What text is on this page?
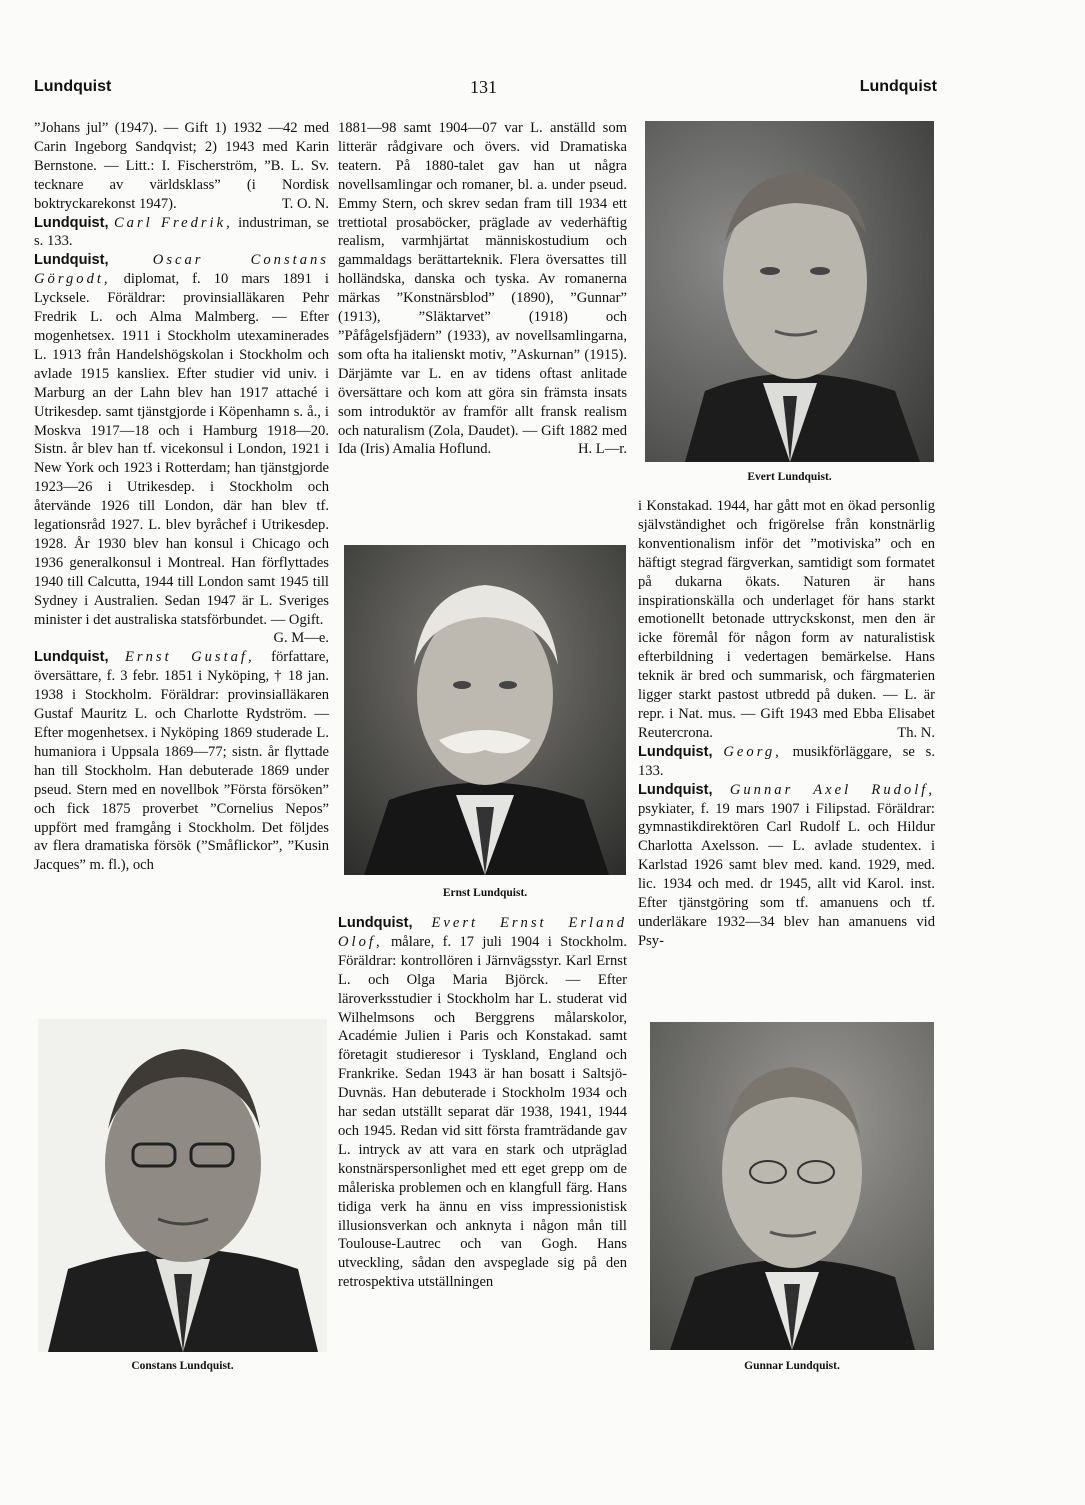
Lundquist	131	Lundquist

”Johans jul” (1947). — Gift 1) 1932 —42 med Carin Ingeborg Sandqvist; 2) 1943 med Karin Bernstone. — Litt.: I. Fischerström, ”B. L. Sv. tecknare av världsklass” (i Nordisk boktryckarekonst 1947).	T. O. N.

Lundquist, Carl Fredrik, industriman, se s. 133.

Lundquist,	Oscar Constans Görgodt, diplomat, f. 10 mars 1891 i Lycksele. Föräldrar: provinsialläkaren Pehr Fredrik L. och Alma Malmberg. — Efter mogenhetsex. 1911 i Stockholm utexaminerades L. 1913 från Handelshögskolan i Stockholm och avlade 1915 kansliex. Efter studier vid univ. i Marburg an der Lahn blev han 1917 attaché i Utrikesdep. samt tjänstgjorde i Köpenhamn s. å., i Moskva 1917—18 och i Hamburg 1918—20. Sistn. år blev han tf. vicekonsul i London, 1921 i New York och 1923 i Rotterdam; han tjänstgjorde 1923—26 i Utrikesdep. i Stockholm och återvände 1926 till London, där han blev tf. legationsråd 1927. L. blev byråchef i Utrikesdep. 1928. År 1930 blev han konsul i Chicago och 1936 generalkonsul i Montreal. Han förflyttades 1940 till Calcutta, 1944 till London samt 1945 till Sydney i Australien. Sedan 1947 är L. Sveriges minister i det australiska statsförbundet. — Ogift.
G. M—e.

Lundquist, Ernst Gustaf, författare, översättare, f. 3 febr. 1851 i Nyköping, † 18 jan. 1938 i Stockholm. Föräldrar: provinsialläkaren Gustaf Mauritz L. och Charlotte Rydström. — Efter mogenhetsex. i Nyköping 1869 studerade L. humaniora i Uppsala 1869—77; sistn. år flyttade han till Stockholm. Han debuterade 1869 under pseud. Stern med en novellbok ”Första försöken” och fick 1875 proverbet ”Cornelius Nepos” uppfört med framgång i Stockholm. Det följdes av flera dramatiska försök (”Småflickor”, ”Kusin Jacques” m. fl.), och

1881—98 samt 1904—07 var L. anställd som litterär rådgivare och övers. vid Dramatiska teatern. På 1880-talet gav han ut några novellsamlingar och romaner, bl. a. under pseud. Emmy Stern, och skrev sedan fram till 1934 ett trettiotal prosaböcker, präglade av vederhäftig realism, varmhjärtat människostudium och gammaldags berättarteknik. Flera översattes till holländska, danska och tyska. Av romanerna märkas ”Konstnärsblod” (1890), ”Gunnar” (1913), ”Släktarvet” (1918) och ”Påfågelsfjädern” (1933), av novellsamlingarna, som ofta ha italienskt motiv, ”Askurnan” (1915). Därjämte var L. en av tidens oftast anlitade översättare och kom att göra sin främsta insats som introduktör av framför allt fransk realism och naturalism (Zola, Daudet). — Gift 1882 med Ida (Iris) Amalia Hoflund.	H. L—r.

Lundquist, Evert Ernst Erland Olof, målare, f. 17 juli 1904 i Stockholm. Föräldrar: kontrollören i Järnvägsstyr. Karl Ernst L. och Olga Maria Björck. — Efter läroverksstudier i Stockholm har L. studerat vid Wilhelmsons och Berggrens målarskolor, Académie Julien i Paris och Konstakad. samt företagit studieresor i Tyskland, England och Frankrike. Sedan 1943 är han bosatt i Saltsjö-Duvnäs. Han debuterade i Stockholm 1934 och har sedan utställt separat där 1938, 1941, 1944 och 1945. Redan vid sitt första framträdande gav L. intryck av att vara en stark och utpräglad konstnärspersonlighet med ett eget grepp om de måleriska problemen och en klangfull färg. Hans tidiga verk ha ännu en viss impressionistisk illusionsverkan och anknyta i någon mån till Toulouse-Lautrec och van Gogh. Hans utveckling, sådan den avspeglade sig på den retrospektiva utställningen

i Konstakad. 1944, har gått mot en ökad personlig självständighet och frigörelse från konstnärlig konventionalism inför det ”motiviska” och en häftigt stegrad färgverkan, samtidigt som formatet på dukarna ökats. Naturen är hans inspirationskälla och underlaget för hans starkt emotionellt betonade uttryckskonst, men den är icke föremål för någon form av naturalistisk efterbildning i vedertagen bemärkelse. Hans teknik är bred och summarisk, och färgmaterien ligger starkt pastost utbredd på duken. — L. är repr. i Nat. mus. — Gift 1943 med Ebba Elisabet Reutercrona.	Th. N.

Lundquist, Georg, musikförläggare, se s. 133.

Lundquist, Gunnar Axel Rudolf, psykiater, f. 19 mars 1907 i Filipstad. Föräldrar: gymnastikdirektören Carl Rudolf L. och Hildur Charlotta Axelsson. — L. avlade studentex. i Karlstad 1926 samt blev med. kand. 1929, med. lic. 1934 och med. dr 1945, allt vid Karol. inst. Efter tjänstgöring som tf. amanuens och tf. underläkare 1932—34 blev han amanuens vid Psy-

Evert Lundquist.
Ernst Lundquist.
Constans Lundquist.	Gunnar Lundquist.
